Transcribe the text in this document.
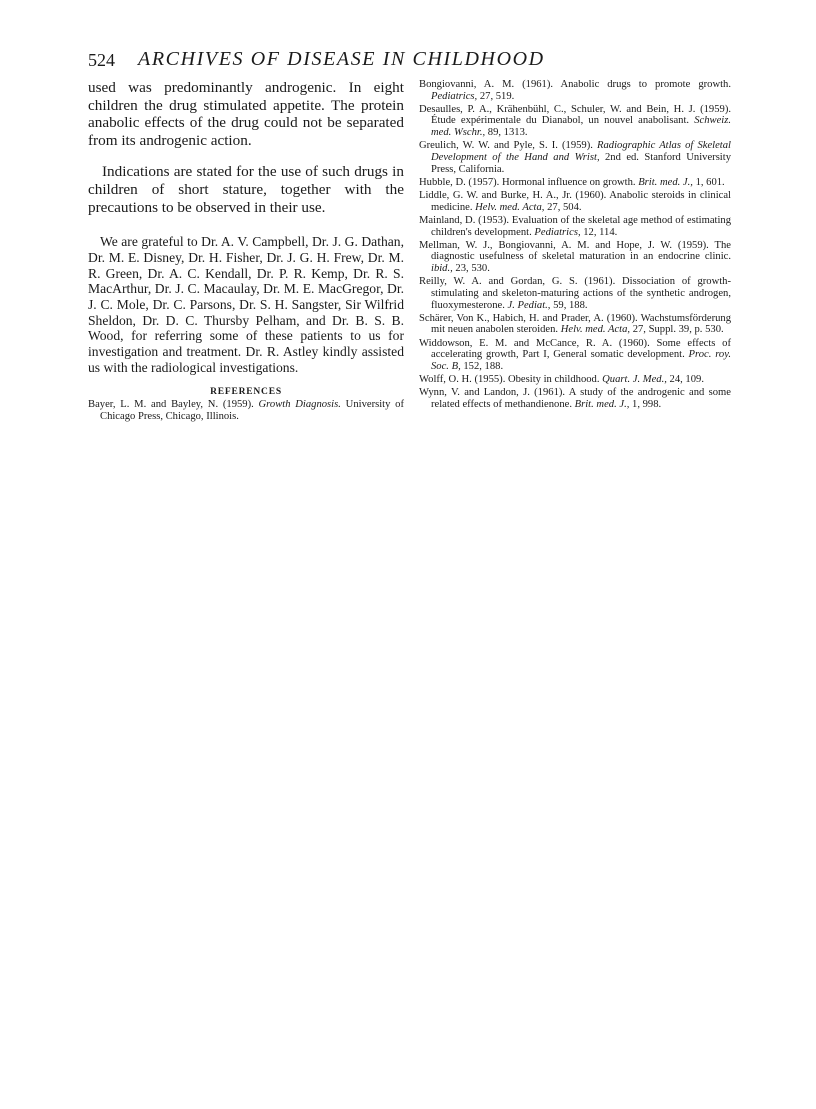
524 ARCHIVES OF DISEASE IN CHILDHOOD

used was predominantly androgenic. In eight children the drug stimulated appetite. The protein anabolic effects of the drug could not be separated from its androgenic action.

Indications are stated for the use of such drugs in children of short stature, together with the precautions to be observed in their use.

We are grateful to Dr. A. V. Campbell, Dr. J. G. Dathan, Dr. M. E. Disney, Dr. H. Fisher, Dr. J. G. H. Frew, Dr. M. R. Green, Dr. A. C. Kendall, Dr. P. R. Kemp, Dr. R. S. MacArthur, Dr. J. C. Macaulay, Dr. M. E. MacGregor, Dr. J. C. Mole, Dr. C. Parsons, Dr. S. H. Sangster, Sir Wilfrid Sheldon, Dr. D. C. Thursby Pelham, and Dr. B. S. B. Wood, for referring some of these patients to us for investigation and treatment. Dr. R. Astley kindly assisted us with the radiological investigations.

REFERENCES

Bayer, L. M. and Bayley, N. (1959). Growth Diagnosis. University of Chicago Press, Chicago, Illinois.

Bongiovanni, A. M. (1961). Anabolic drugs to promote growth. Pediatrics, 27, 519.

Desaulles, P. A., Krähenbühl, C., Schuler, W. and Bein, H. J. (1959). Étude expérimentale du Dianabol, un nouvel anabolisant. Schweiz. med. Wschr., 89, 1313.

Greulich, W. W. and Pyle, S. I. (1959). Radiographic Atlas of Skeletal Development of the Hand and Wrist, 2nd ed. Stanford University Press, California.

Hubble, D. (1957). Hormonal influence on growth. Brit. med. J., 1, 601.

Liddle, G. W. and Burke, H. A., Jr. (1960). Anabolic steroids in clinical medicine. Helv. med. Acta, 27, 504.

Mainland, D. (1953). Evaluation of the skeletal age method of estimating children's development. Pediatrics, 12, 114.

Mellman, W. J., Bongiovanni, A. M. and Hope, J. W. (1959). The diagnostic usefulness of skeletal maturation in an endocrine clinic. ibid., 23, 530.

Reilly, W. A. and Gordan, G. S. (1961). Dissociation of growth-stimulating and skeleton-maturing actions of the synthetic androgen, fluoxymesterone. J. Pediat., 59, 188.

Schärer, Von K., Habich, H. and Prader, A. (1960). Wachstumsförderung mit neuen anabolen steroiden. Helv. med. Acta, 27, Suppl. 39, p. 530.

Widdowson, E. M. and McCance, R. A. (1960). Some effects of accelerating growth, Part I, General somatic development. Proc. roy. Soc. B, 152, 188.

Wolff, O. H. (1955). Obesity in childhood. Quart. J. Med., 24, 109.

Wynn, V. and Landon, J. (1961). A study of the androgenic and some related effects of methandienone. Brit. med. J., 1, 998.
